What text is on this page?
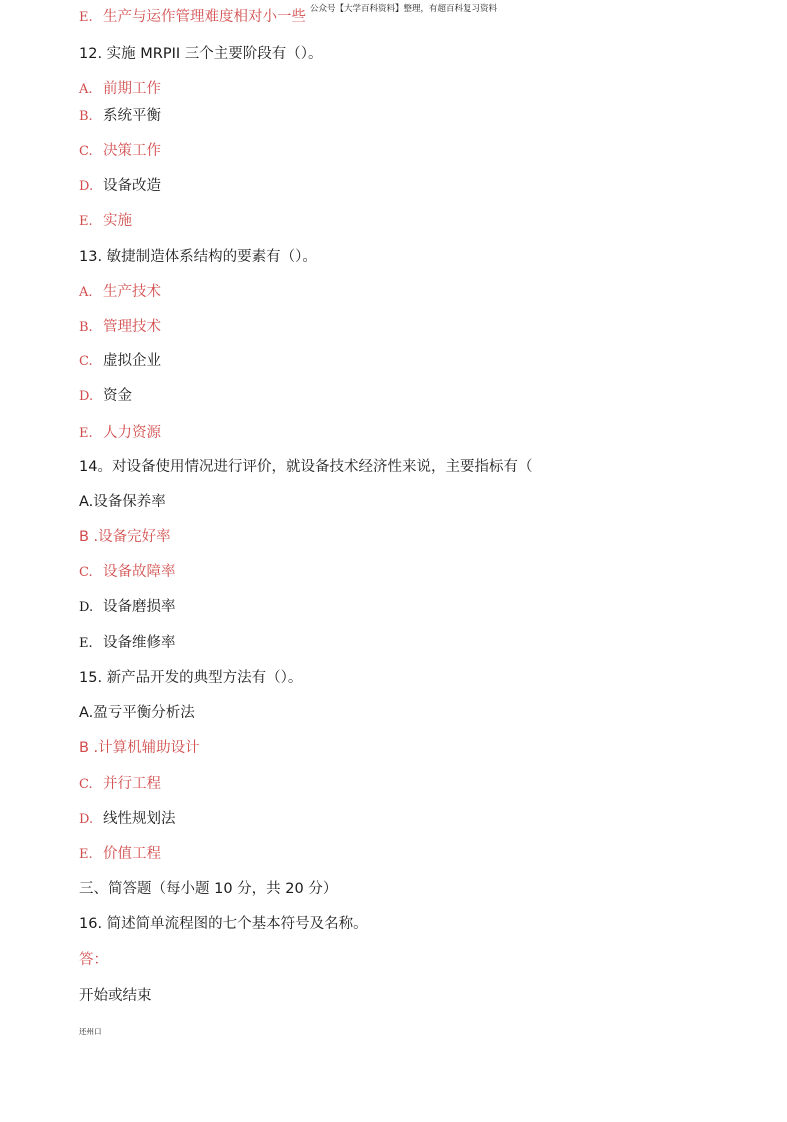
公众号【大学百科资料】整理，有超百科复习资料
E. 生产与运作管理难度相对小一些
12. 实施 MRPII 三个主要阶段有（）。
A. 前期工作
B. 系统平衡
C. 决策工作
D. 设备改造
E. 实施
13. 敏捷制造体系结构的要素有（）。
A. 生产技术
B. 管理技术
C. 虚拟企业
D. 资金
E. 人力资源
14。对设备使用情况进行评价，就设备技术经济性来说，主要指标有（
A.设备保养率
B .设备完好率
C. 设备故障率
D. 设备磨损率
E. 设备维修率
15. 新产品开发的典型方法有（）。
A.盈亏平衡分析法
B .计算机辅助设计
C. 并行工程
D. 线性规划法
E. 价值工程
三、简答题（每小题 10 分，共 20 分）
16. 简述简单流程图的七个基本符号及名称。
答：
开始或结束
还州口
